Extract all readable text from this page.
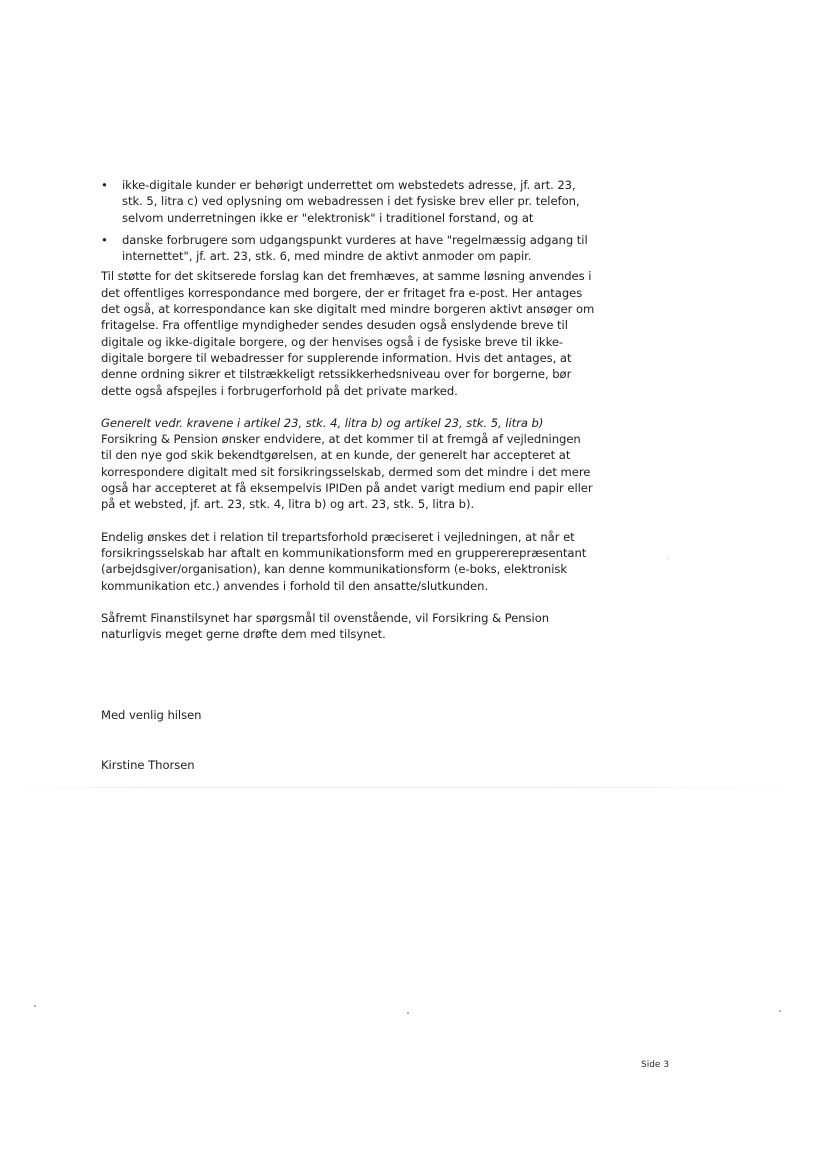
• ikke-digitale kunder er behørigt underrettet om webstedets adresse, jf. art. 23, stk. 5, litra c) ved oplysning om webadressen i det fysiske brev eller pr. telefon, selvom underretningen ikke er "elektronisk" i traditionel forstand, og at
• danske forbrugere som udgangspunkt vurderes at have "regelmæssig adgang til internettet", jf. art. 23, stk. 6, med mindre de aktivt anmoder om papir.

Til støtte for det skitserede forslag kan det fremhæves, at samme løsning anvendes i det offentliges korrespondance med borgere, der er fritaget fra e-post. Her antages det også, at korrespondance kan ske digitalt med mindre borgeren aktivt ansøger om fritagelse. Fra offentlige myndigheder sendes desuden også enslydende breve til digitale og ikke-digitale borgere, og der henvises også i de fysiske breve til ikke-digitale borgere til webadresser for supplerende information. Hvis det antages, at denne ordning sikrer et tilstrækkeligt retssikkerhedsniveau over for borgerne, bør dette også afspejles i forbrugerforhold på det private marked.

Generelt vedr. kravene i artikel 23, stk. 4, litra b) og artikel 23, stk. 5, litra b)
Forsikring & Pension ønsker endvidere, at det kommer til at fremgå af vejledningen til den nye god skik bekendtgørelsen, at en kunde, der generelt har accepteret at korrespondere digitalt med sit forsikringsselskab, dermed som det mindre i det mere også har accepteret at få eksempelvis IPIDen på andet varigt medium end papir eller på et websted, jf. art. 23, stk. 4, litra b) og art. 23, stk. 5, litra b).

Endelig ønskes det i relation til trepartsforhold præciseret i vejledningen, at når et forsikringsselskab har aftalt en kommunikationsform med en gruppererepræsentant (arbejdsgiver/organisation), kan denne kommunikationsform (e-boks, elektronisk kommunikation etc.) anvendes i forhold til den ansatte/slutkunden.

Såfremt Finanstilsynet har spørgsmål til ovenstående, vil Forsikring & Pension naturligvis meget gerne drøfte dem med tilsynet.

Med venlig hilsen

Kirstine Thorsen

Side 3
